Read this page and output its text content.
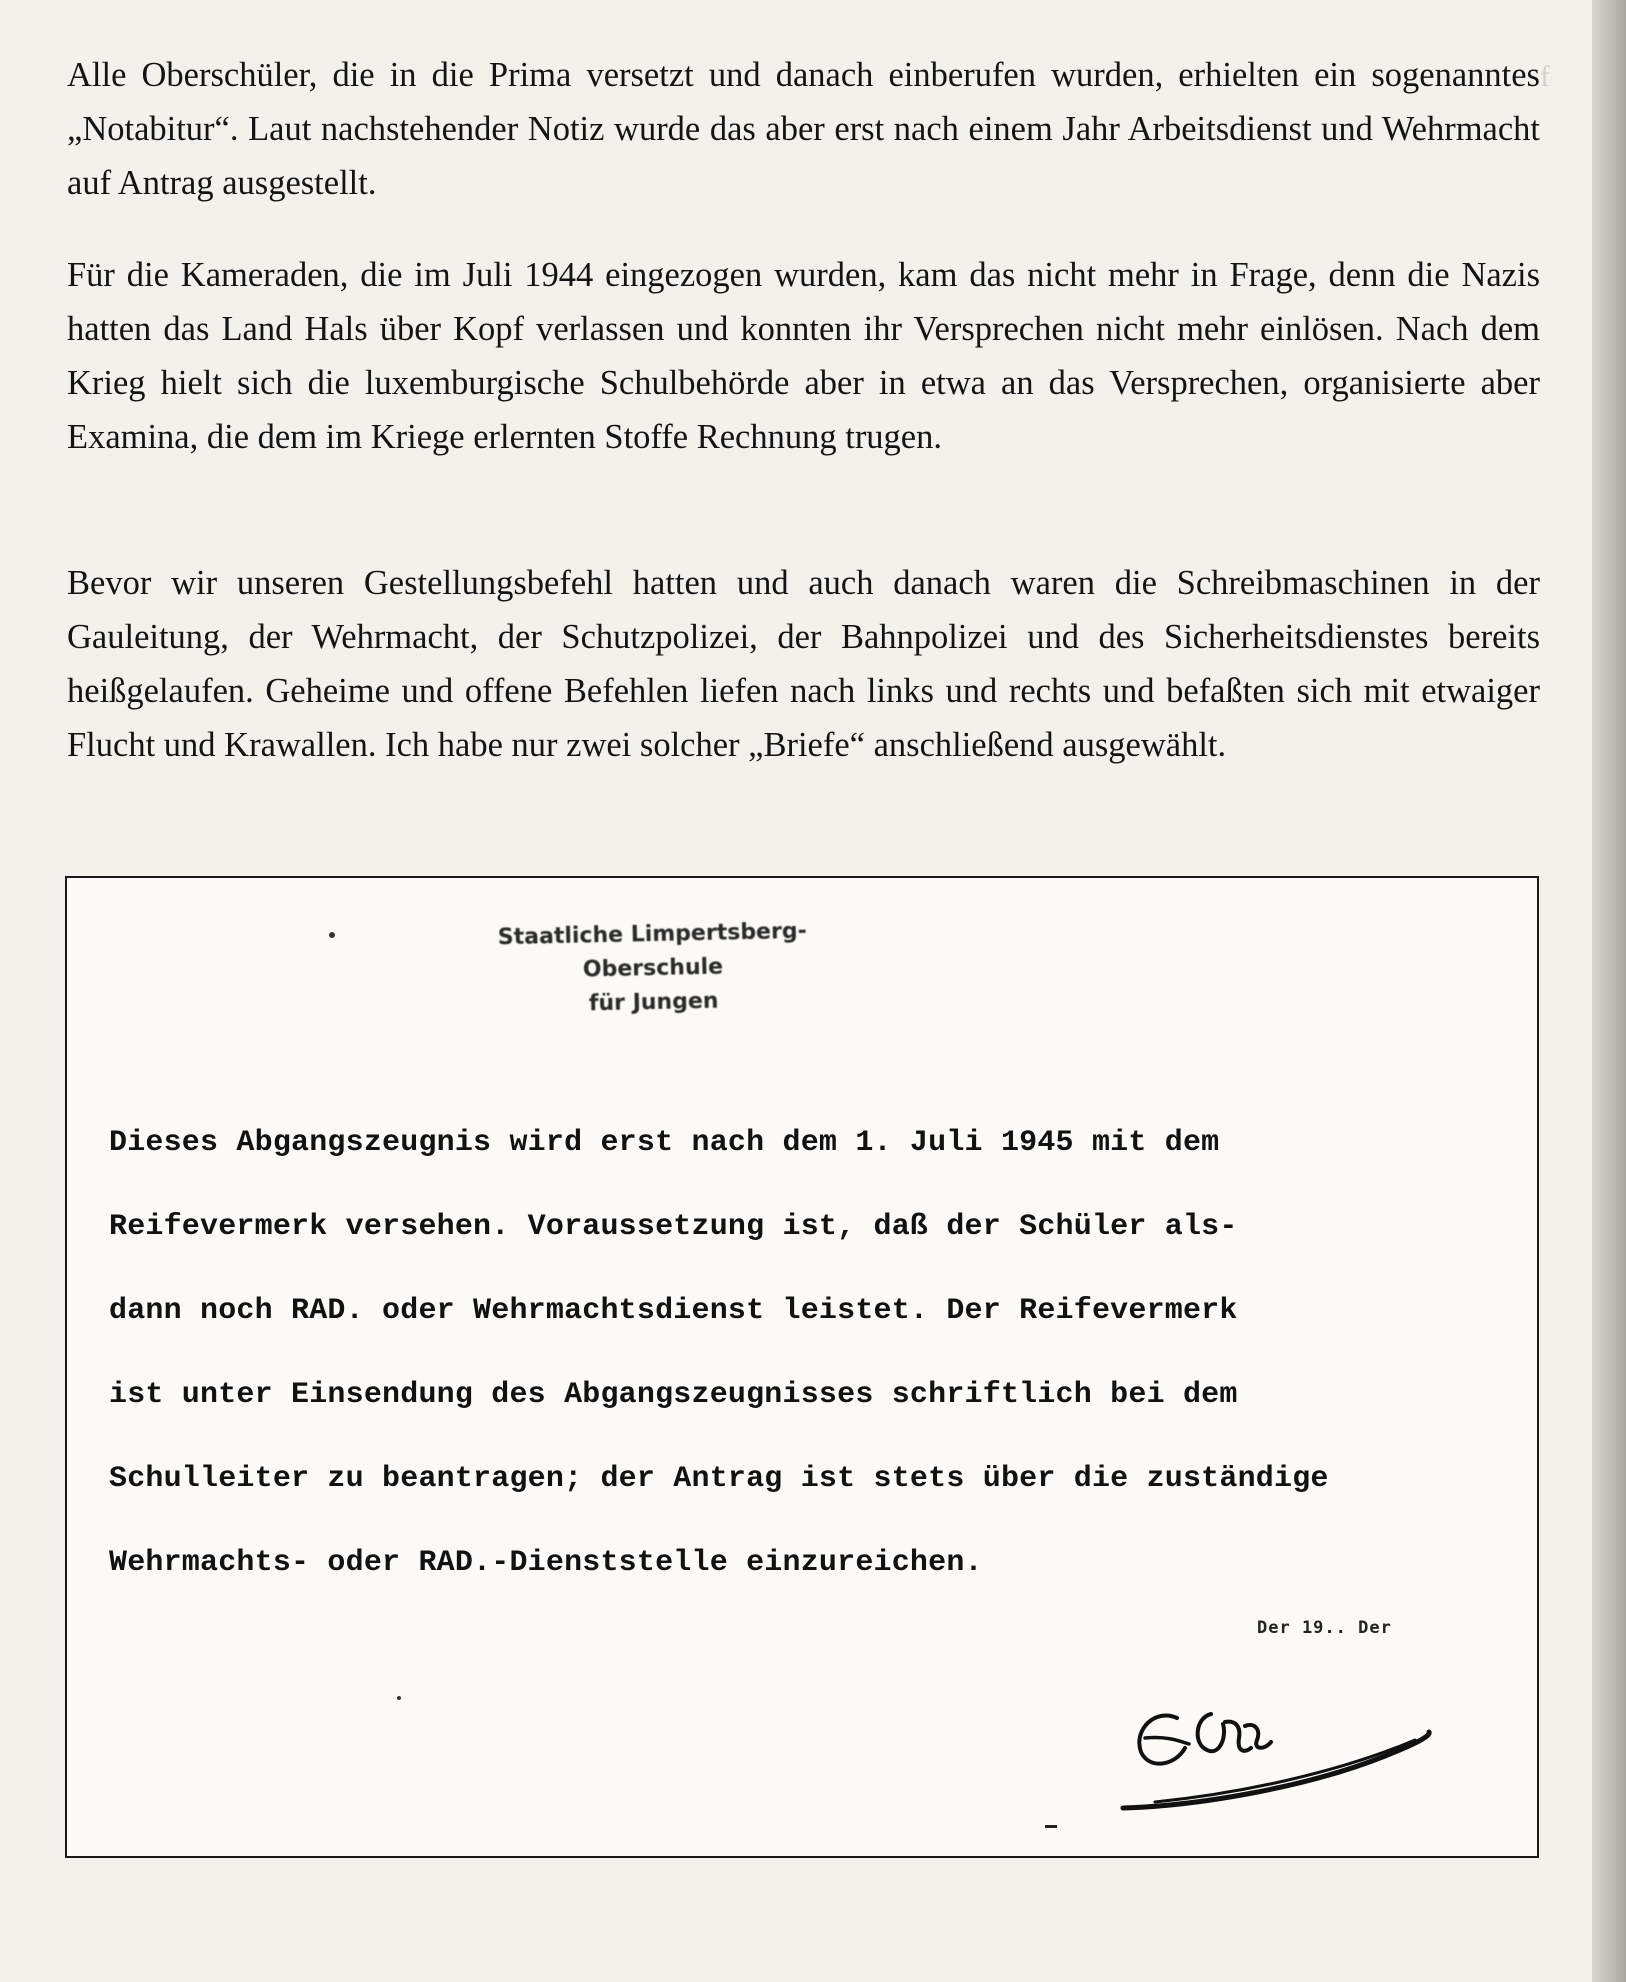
f

Alle Oberschüler, die in die Prima versetzt und danach einberufen wurden, erhielten ein sogenanntes „Notabitur“. Laut nachstehender Notiz wurde das aber erst nach einem Jahr Arbeitsdienst und Wehrmacht auf Antrag ausgestellt.

Für die Kameraden, die im Juli 1944 eingezogen wurden, kam das nicht mehr in Frage, denn die Nazis hatten das Land Hals über Kopf verlassen und konnten ihr Versprechen nicht mehr einlösen. Nach dem Krieg hielt sich die luxemburgische Schulbehörde aber in etwa an das Versprechen, organisierte aber Examina, die dem im Kriege erlernten Stoffe Rechnung trugen.

Bevor wir unseren Gestellungsbefehl hatten und auch danach waren die Schreibmaschinen in der Gauleitung, der Wehrmacht, der Schutzpolizei, der Bahnpolizei und des Sicherheitsdienstes bereits heißgelaufen. Geheime und offene Befehlen liefen nach links und rechts und befaßten sich mit etwaiger Flucht und Krawallen. Ich habe nur zwei solcher „Briefe“ anschließend ausgewählt.

Staatliche Limpertsberg-Oberschule
für Jungen
Dieses Abgangszeugnis wird erst nach dem 1. Juli 1945 mit dem
Reifevermerk versehen. Voraussetzung ist, daß der Schüler als-
dann noch RAD. oder Wehrmachtsdienst leistet. Der Reifevermerk
ist unter Einsendung des Abgangszeugnisses schriftlich bei dem
Schulleiter zu beantragen; der Antrag ist stets über die zuständige
Wehrmachts- oder RAD.-Dienststelle einzureichen.
Der 19.. Der
